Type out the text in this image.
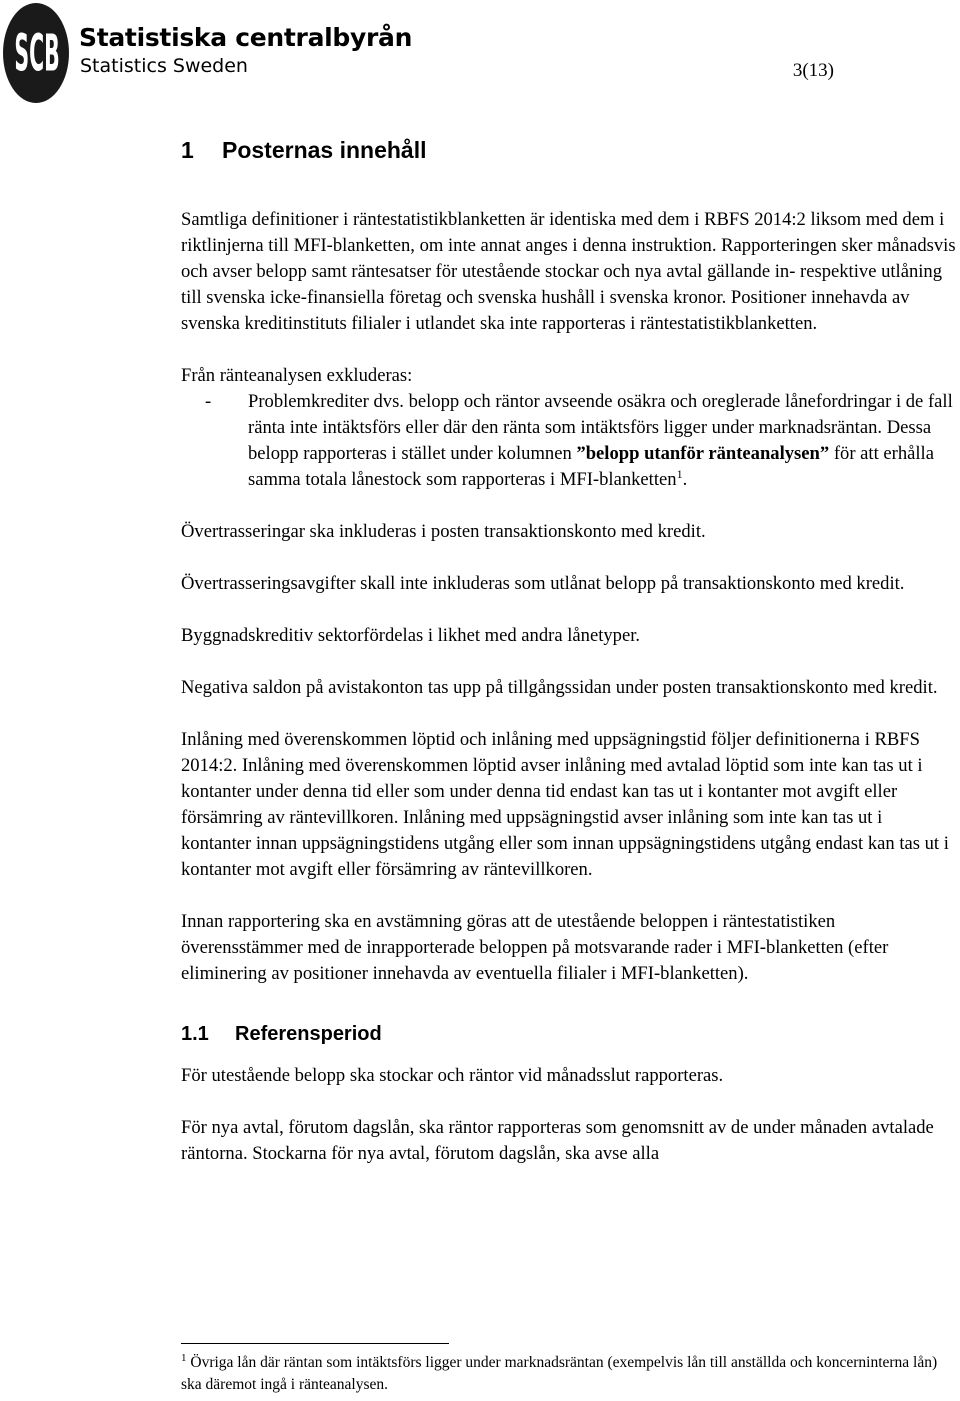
SCB Statistiska centralbyrån
Statistics Sweden	3(13)
1 Posternas innehåll

Samtliga definitioner i räntestatistikblanketten är identiska med dem i RBFS 2014:2 liksom med dem i riktlinjerna till MFI-blanketten, om inte annat anges i denna instruktion. Rapporteringen sker månadsvis och avser belopp samt räntesatser för utestående stockar och nya avtal gällande in- respektive utlåning till svenska icke-finansiella företag och svenska hushåll i svenska kronor. Positioner innehavda av svenska kreditinstituts filialer i utlandet ska inte rapporteras i räntestatistikblanketten.

Från ränteanalysen exkluderas:

- Problemkrediter dvs. belopp och räntor avseende osäkra och oreglerade lånefordringar i de fall ränta inte intäktsförs eller där den ränta som intäktsförs ligger under marknadsräntan. Dessa belopp rapporteras i stället under kolumnen ”belopp utanför ränteanalysen” för att erhålla samma totala lånestock som rapporteras i MFI-blanketten$^1$.

Övertrasseringar ska inkluderas i posten transaktionskonto med kredit.

Övertrasseringsavgifter skall inte inkluderas som utlånat belopp på transaktionskonto med kredit.

Byggnadskreditiv sektorfördelas i likhet med andra lånetyper.

Negativa saldon på avistakonton tas upp på tillgångssidan under posten transaktionskonto med kredit.

Inlåning med överenskommen löptid och inlåning med uppsägningstid följer definitionerna i RBFS 2014:2. Inlåning med överenskommen löptid avser inlåning med avtalad löptid som inte kan tas ut i kontanter under denna tid eller som under denna tid endast kan tas ut i kontanter mot avgift eller försämring av räntevillkoren. Inlåning med uppsägningstid avser inlåning som inte kan tas ut i kontanter innan uppsägningstidens utgång eller som innan uppsägningstidens utgång endast kan tas ut i kontanter mot avgift eller försämring av räntevillkoren.

Innan rapportering ska en avstämning göras att de utestående beloppen i räntestatistiken överensstämmer med de inrapporterade beloppen på motsvarande rader i MFI-blanketten (efter eliminering av positioner innehavda av eventuella filialer i MFI-blanketten).

1.1 Referensperiod

För utestående belopp ska stockar och räntor vid månadsslut rapporteras.

För nya avtal, förutom dagslån, ska räntor rapporteras som genomsnitt av de under månaden avtalade räntorna. Stockarna för nya avtal, förutom dagslån, ska avse alla

$^1$ Övriga lån där räntan som intäktsförs ligger under marknadsräntan (exempelvis lån till anställda och koncerninterna lån) ska däremot ingå i ränteanalysen.
